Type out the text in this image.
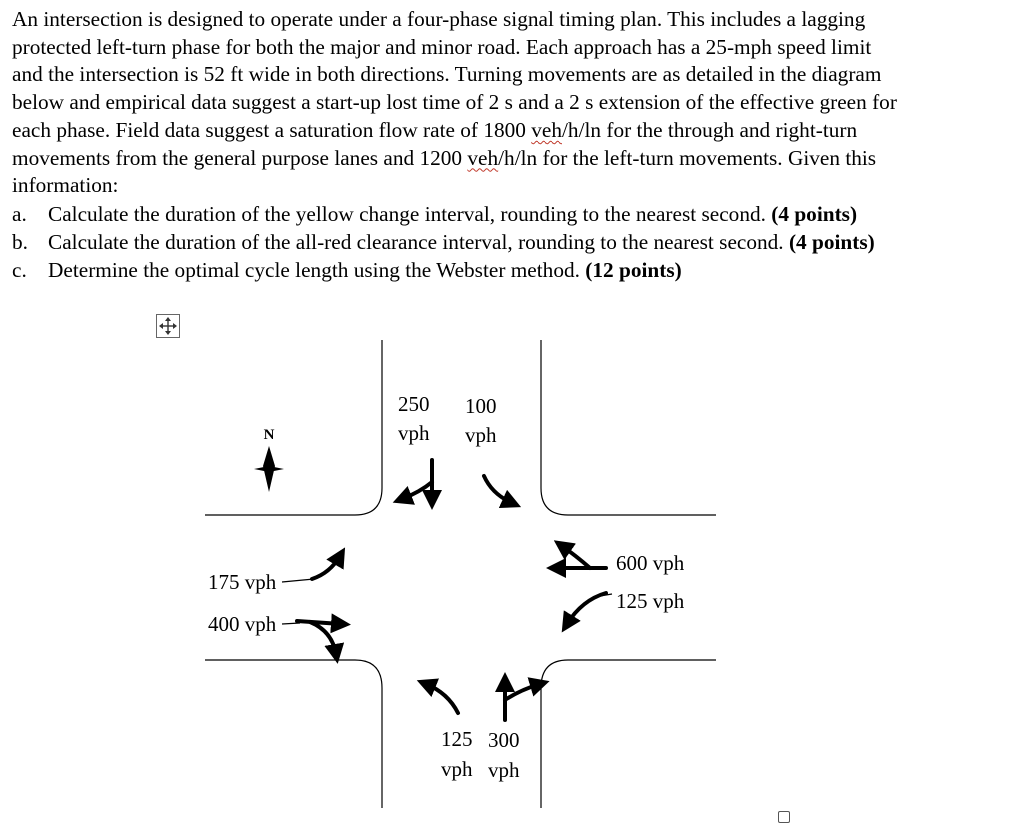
An intersection is designed to operate under a four-phase signal timing plan. This includes a lagging
protected left-turn phase for both the major and minor road. Each approach has a 25-mph speed limit
and the intersection is 52 ft wide in both directions. Turning movements are as detailed in the diagram
below and empirical data suggest a start-up lost time of 2 s and a 2 s extension of the effective green for
each phase. Field data suggest a saturation flow rate of 1800 veh/h/ln for the through and right-turn
movements from the general purpose lanes and 1200 veh/h/ln for the left-turn movements. Given this
information:
a. Calculate the duration of the yellow change interval, rounding to the nearest second. (4 points)
b. Calculate the duration of the all-red clearance interval, rounding to the nearest second. (4 points)
c. Determine the optimal cycle length using the Webster method. (12 points)
N
250
vph
100
vph
175 vph
400 vph
600 vph
125 vph
125
vph
300
vph
